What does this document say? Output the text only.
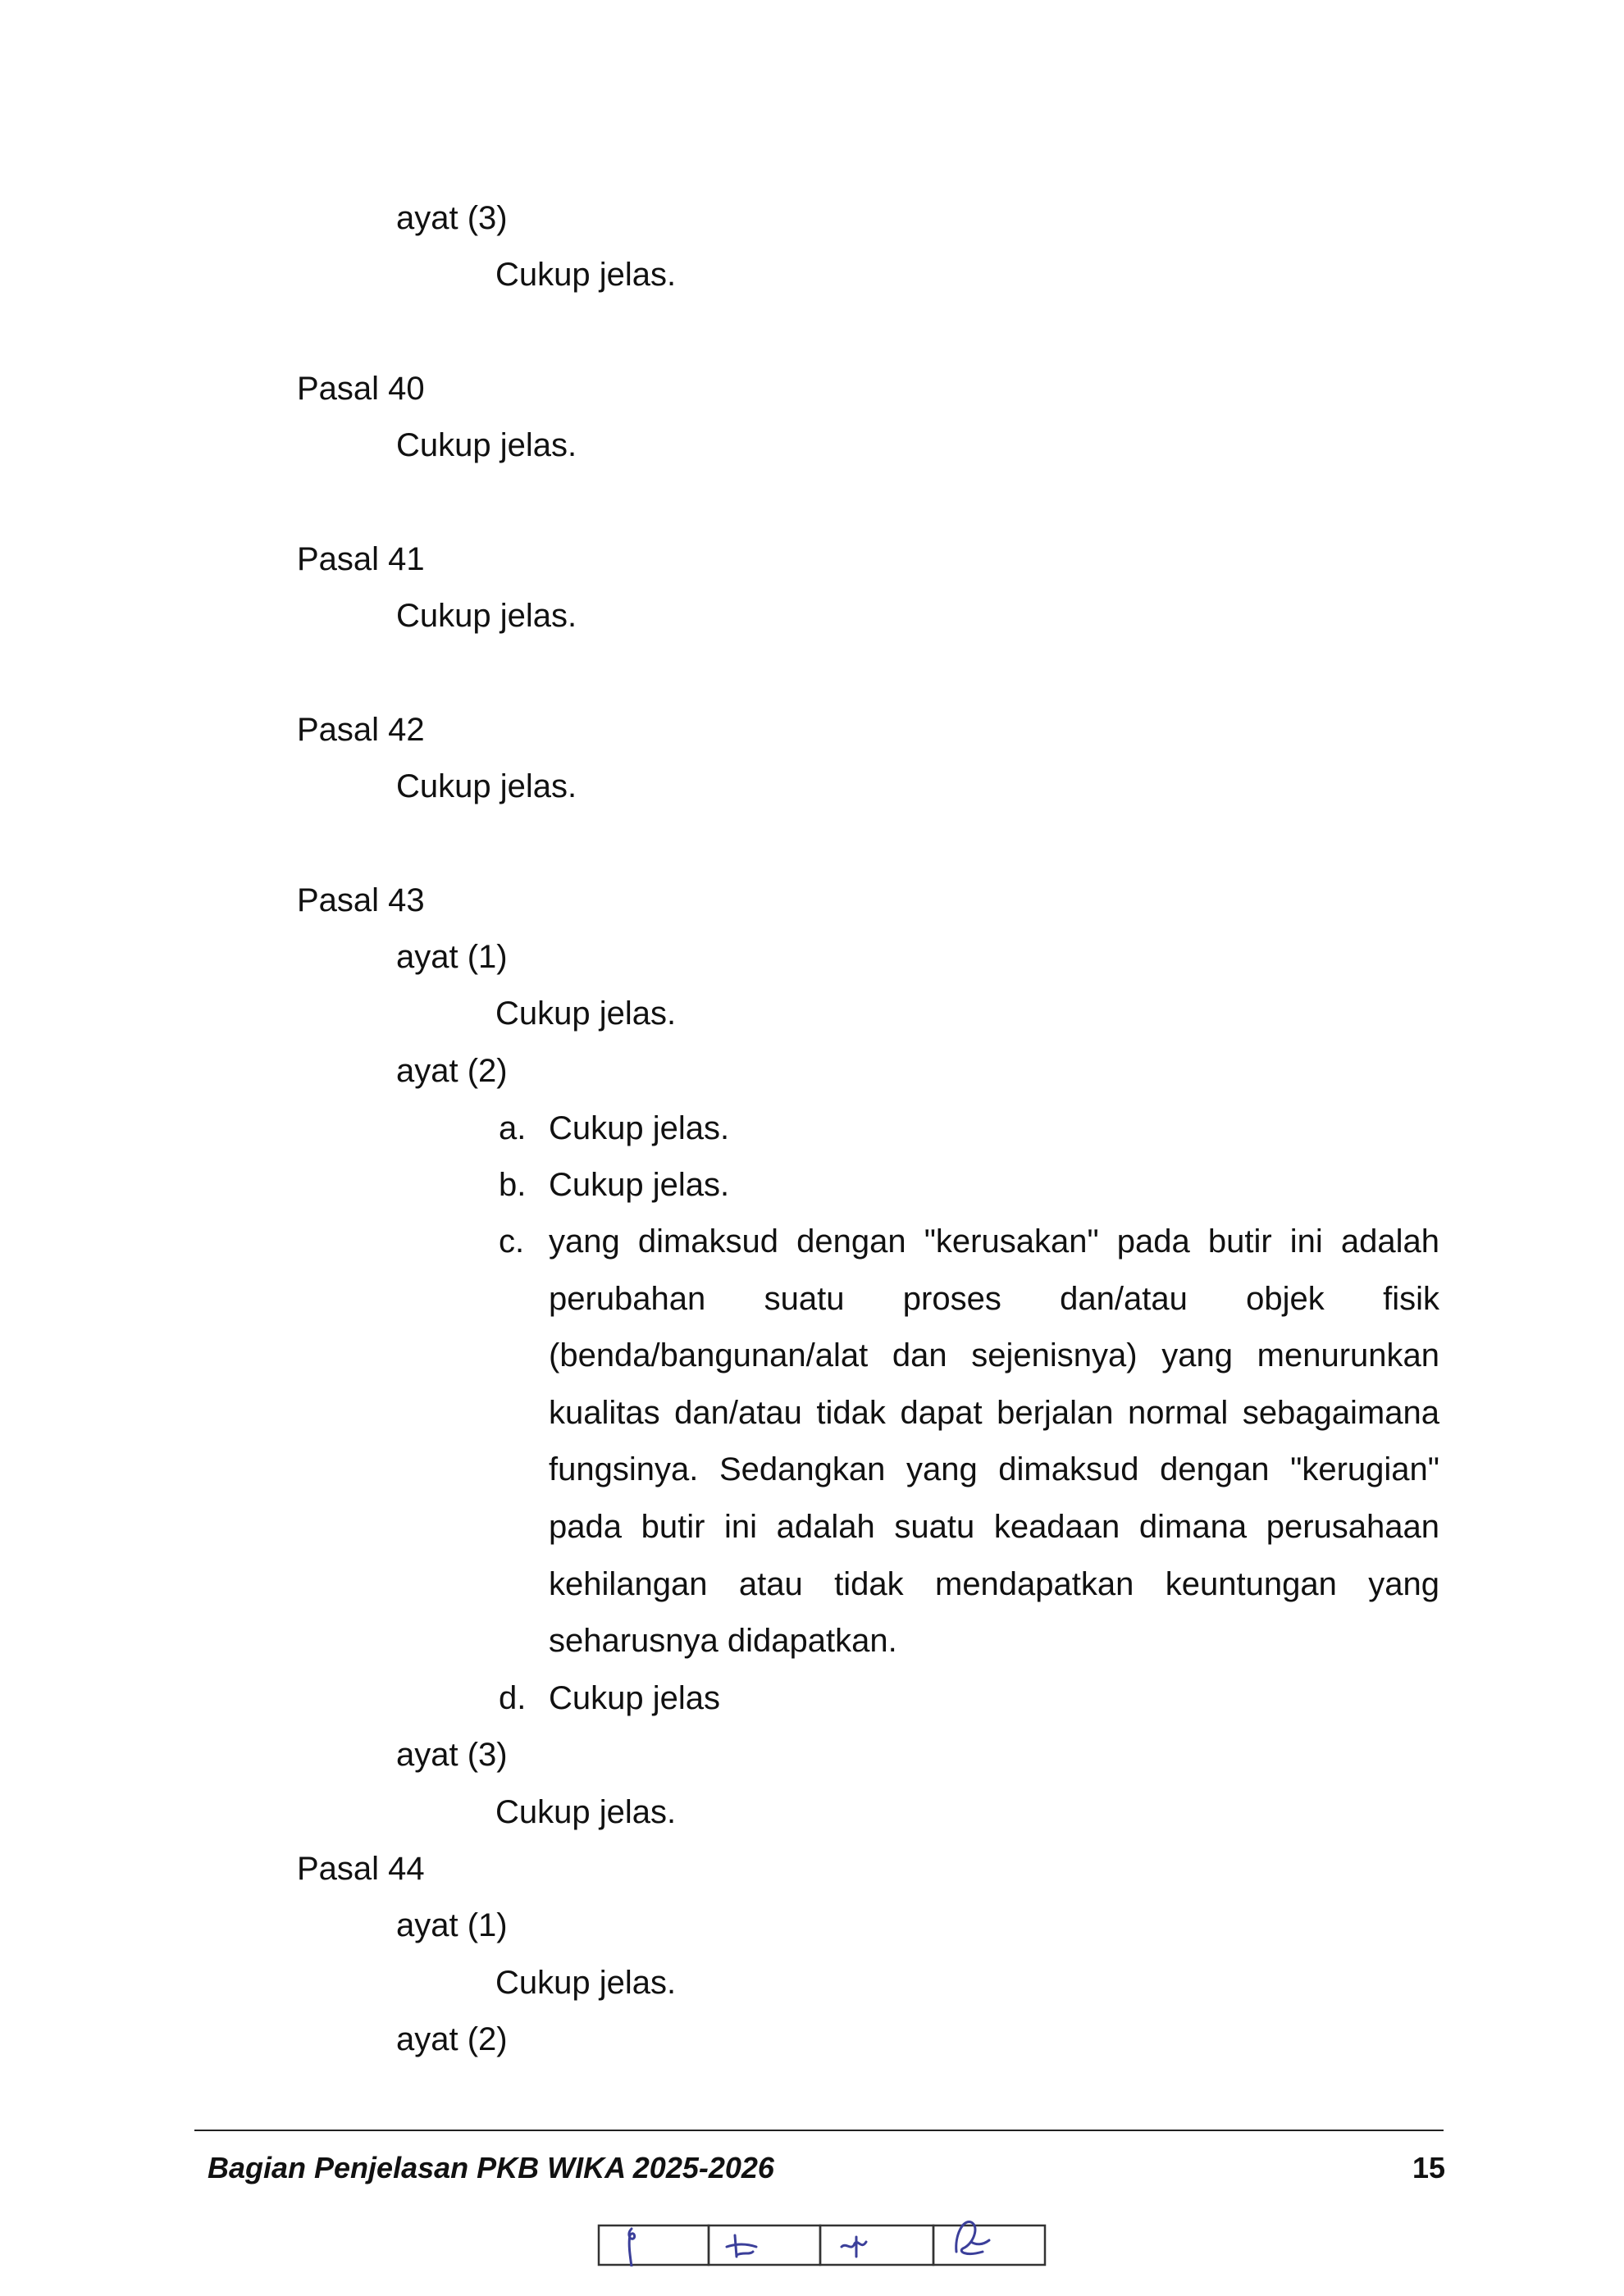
ayat (3)
Cukup jelas.
Pasal 40
Cukup jelas.
Pasal 41
Cukup jelas.
Pasal 42
Cukup jelas.
Pasal 43
ayat (1)
Cukup jelas.
ayat (2)
a. Cukup jelas.
b. Cukup jelas.
c. yang dimaksud dengan "kerusakan" pada butir ini adalah perubahan suatu proses dan/atau objek fisik (benda/bangunan/alat dan sejenisnya) yang menurunkan kualitas dan/atau tidak dapat berjalan normal sebagaimana fungsinya. Sedangkan yang dimaksud dengan "kerugian" pada butir ini adalah suatu keadaan dimana perusahaan kehilangan atau tidak mendapatkan keuntungan yang seharusnya didapatkan.
d. Cukup jelas
ayat (3)
Cukup jelas.
Pasal 44
ayat (1)
Cukup jelas.
ayat (2)
Bagian Penjelasan PKB WIKA 2025-2026	15
